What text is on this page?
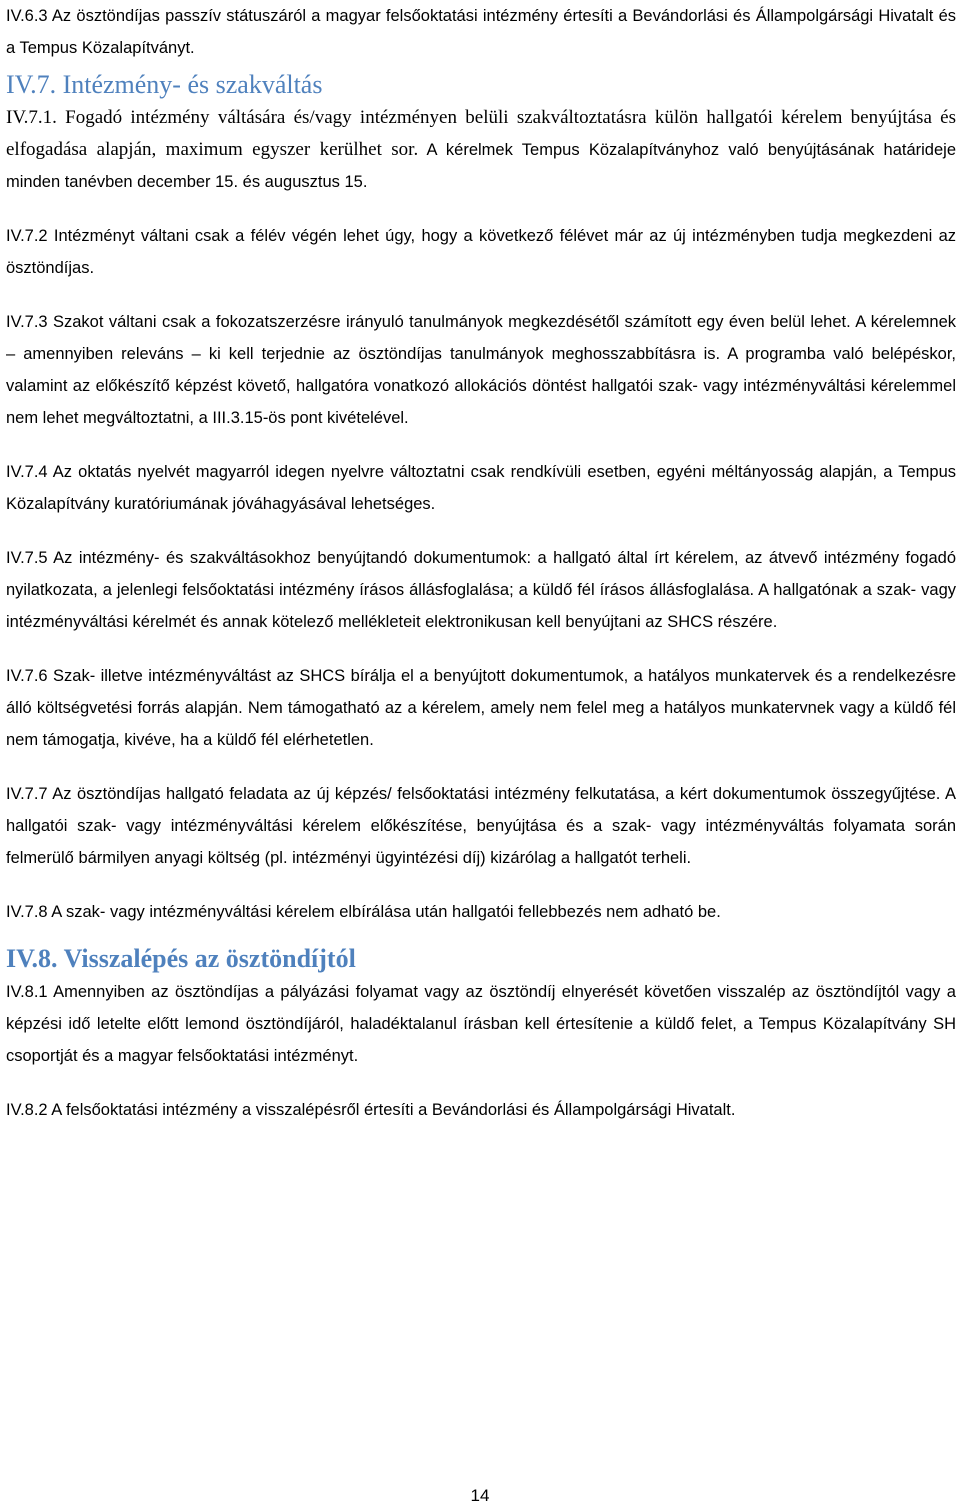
IV.6.3 Az ösztöndíjas passzív státuszáról a magyar felsőoktatási intézmény értesíti a Bevándorlási és Állampolgársági Hivatalt és a Tempus Közalapítványt.

IV.7. Intézmény- és szakváltás

IV.7.1. Fogadó intézmény váltására és/vagy intézményen belüli szakváltoztatásra külön hallgatói kérelem benyújtása és elfogadása alapján, maximum egyszer kerülhet sor. A kérelmek Tempus Közalapítványhoz való benyújtásának határideje minden tanévben december 15. és augusztus 15.

IV.7.2 Intézményt váltani csak a félév végén lehet úgy, hogy a következő félévet már az új intézményben tudja megkezdeni az ösztöndíjas.

IV.7.3 Szakot váltani csak a fokozatszerzésre irányuló tanulmányok megkezdésétől számított egy éven belül lehet. A kérelemnek – amennyiben releváns – ki kell terjednie az ösztöndíjas tanulmányok meghosszabbításra is. A programba való belépéskor, valamint az előkészítő képzést követő, hallgatóra vonatkozó allokációs döntést hallgatói szak- vagy intézményváltási kérelemmel nem lehet megváltoztatni, a III.3.15-ös pont kivételével.

IV.7.4 Az oktatás nyelvét magyarról idegen nyelvre változtatni csak rendkívüli esetben, egyéni méltányosság alapján, a Tempus Közalapítvány kuratóriumának jóváhagyásával lehetséges.

IV.7.5 Az intézmény- és szakváltásokhoz benyújtandó dokumentumok: a hallgató által írt kérelem, az átvevő intézmény fogadó nyilatkozata, a jelenlegi felsőoktatási intézmény írásos állásfoglalása; a küldő fél írásos állásfoglalása. A hallgatónak a szak- vagy intézményváltási kérelmét és annak kötelező mellékleteit elektronikusan kell benyújtani az SHCS részére.

IV.7.6 Szak- illetve intézményváltást az SHCS bírálja el a benyújtott dokumentumok, a hatályos munkatervek és a rendelkezésre álló költségvetési forrás alapján. Nem támogatható az a kérelem, amely nem felel meg a hatályos munkatervnek vagy a küldő fél nem támogatja, kivéve, ha a küldő fél elérhetetlen.

IV.7.7 Az ösztöndíjas hallgató feladata az új képzés/ felsőoktatási intézmény felkutatása, a kért dokumentumok összegyűjtése. A hallgatói szak- vagy intézményváltási kérelem előkészítése, benyújtása és a szak- vagy intézményváltás folyamata során felmerülő bármilyen anyagi költség (pl. intézményi ügyintézési díj) kizárólag a hallgatót terheli.

IV.7.8 A szak- vagy intézményváltási kérelem elbírálása után hallgatói fellebbezés nem adható be.

IV.8. Visszalépés az ösztöndíjtól

IV.8.1 Amennyiben az ösztöndíjas a pályázási folyamat vagy az ösztöndíj elnyerését követően visszalép az ösztöndíjtól vagy a képzési idő letelte előtt lemond ösztöndíjáról, haladéktalanul írásban kell értesítenie a küldő felet, a Tempus Közalapítvány SH csoportját és a magyar felsőoktatási intézményt.

IV.8.2 A felsőoktatási intézmény a visszalépésről értesíti a Bevándorlási és Állampolgársági Hivatalt.

14
